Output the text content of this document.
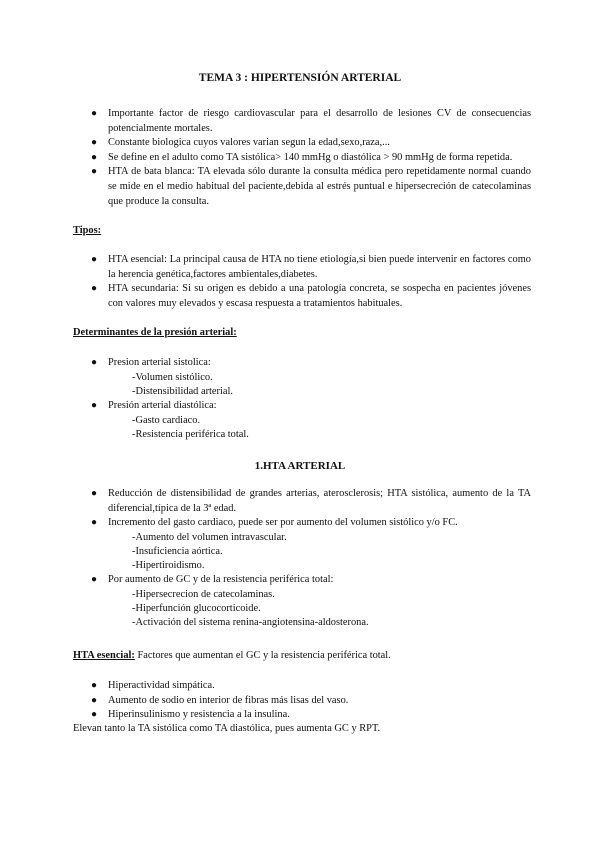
TEMA 3 : HIPERTENSIÓN ARTERIAL
● Importante factor de riesgo cardiovascular para el desarrollo de lesiones CV de consecuencias potencialmente mortales.
● Constante biologica cuyos valores varian segun la edad,sexo,raza,...
● Se define en el adulto como TA sistólica> 140 mmHg o diastólica > 90 mmHg de forma repetida.
● HTA de bata blanca: TA elevada sólo durante la consulta médica pero repetidamente normal cuando se mide en el medio habitual del paciente,debida al estrés puntual e hipersecreción de catecolaminas que produce la consulta.
Tipos:
● HTA esencial: La principal causa de HTA no tiene etiología,si bien puede intervenir en factores como la herencia genética,factores ambientales,diabetes.
● HTA secundaria: Si su origen es debido a una patología concreta, se sospecha en pacientes jóvenes con valores muy elevados y escasa respuesta a tratamientos habituales.
Determinantes de la presión arterial:
● Presion arterial sistolica:
-Volumen sistólico.
-Distensibilidad arterial.
● Presión arterial diastólica:
-Gasto cardiaco.
-Resistencia periférica total.
1.HTA ARTERIAL
● Reducción de distensibilidad de grandes arterias, aterosclerosis; HTA sistólica, aumento de la TA diferencial,típica de la 3ª edad.
● Incremento del gasto cardiaco, puede ser por aumento del volumen sistólico y/o FC.
-Aumento del volumen intravascular.
-Insuficiencia aórtica.
-Hipertiroidismo.
● Por aumento de GC y de la resistencia periférica total:
-Hipersecrecion de catecolaminas.
-Hiperfunción glucocorticoide.
-Activación del sistema renina-angiotensina-aldosterona.
HTA esencial: Factores que aumentan el GC y la resistencia periférica total.
● Hiperactividad simpática.
● Aumento de sodio en interior de fibras más lisas del vaso.
● Hiperinsulinismo y resistencia a la insulina.
Elevan tanto la TA sistólica como TA diastólica, pues aumenta GC y RPT.
